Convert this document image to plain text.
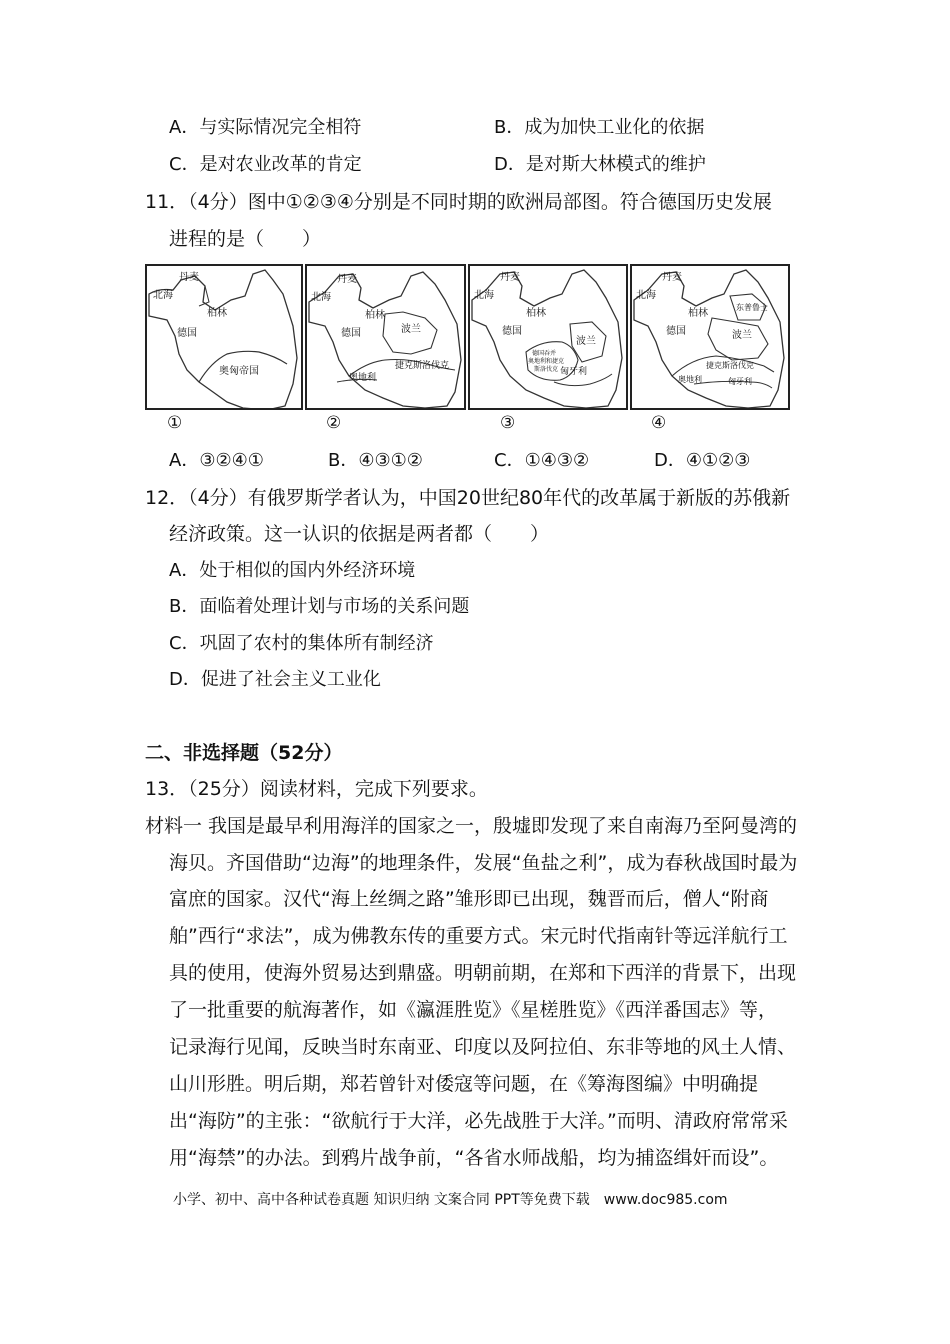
A．与实际情况完全相符	B．成为加快工业化的依据
C．是对农业改革的肯定	D．是对斯大林模式的维护
11．（4分）图中①②③④分别是不同时期的欧洲局部图。符合德国历史发展
进程的是（　　）
丹麦
北海
柏林
德国
奥匈帝国
丹麦
北海
柏林
德国	波兰
捷克斯洛伐克
奥地利
丹麦
北海
柏林
德国
波兰
德国吞并
奥地利和捷克
斯洛伐克 匈牙利
丹麦
北海
柏林
德国
东普鲁士
波兰
捷克斯洛伐克
奥地利	匈牙利
①	②	③	④
A．③②④①	B．④③①②	C．①④③②	D．④①②③
12．（4分）有俄罗斯学者认为，中国20世纪80年代的改革属于新版的苏俄新
经济政策。这一认识的依据是两者都（　　）
A．处于相似的国内外经济环境
B．面临着处理计划与市场的关系问题
C．巩固了农村的集体所有制经济
D．促进了社会主义工业化
二、非选择题（52分）
13．（25分）阅读材料，完成下列要求。
材料一 我国是最早利用海洋的国家之一，殷墟即发现了来自南海乃至阿曼湾的
海贝。齐国借助“边海”的地理条件，发展“鱼盐之利”，成为春秋战国时最为
富庶的国家。汉代“海上丝绸之路”雏形即已出现，魏晋而后，僧人“附商
舶”西行“求法”，成为佛教东传的重要方式。宋元时代指南针等远洋航行工
具的使用，使海外贸易达到鼎盛。明朝前期，在郑和下西洋的背景下，出现
了一批重要的航海著作，如《瀛涯胜览》《星槎胜览》《西洋番国志》等，
记录海行见闻，反映当时东南亚、印度以及阿拉伯、东非等地的风土人情、
山川形胜。明后期，郑若曾针对倭寇等问题，在《筹海图编》中明确提
出“海防”的主张：“欲航行于大洋，必先战胜于大洋。”而明、清政府常常采
用“海禁”的办法。到鸦片战争前，“各省水师战船，均为捕盗缉奸而设”。
小学、初中、高中各种试卷真题 知识归纳 文案合同 PPT等免费下载　www.doc985.com
